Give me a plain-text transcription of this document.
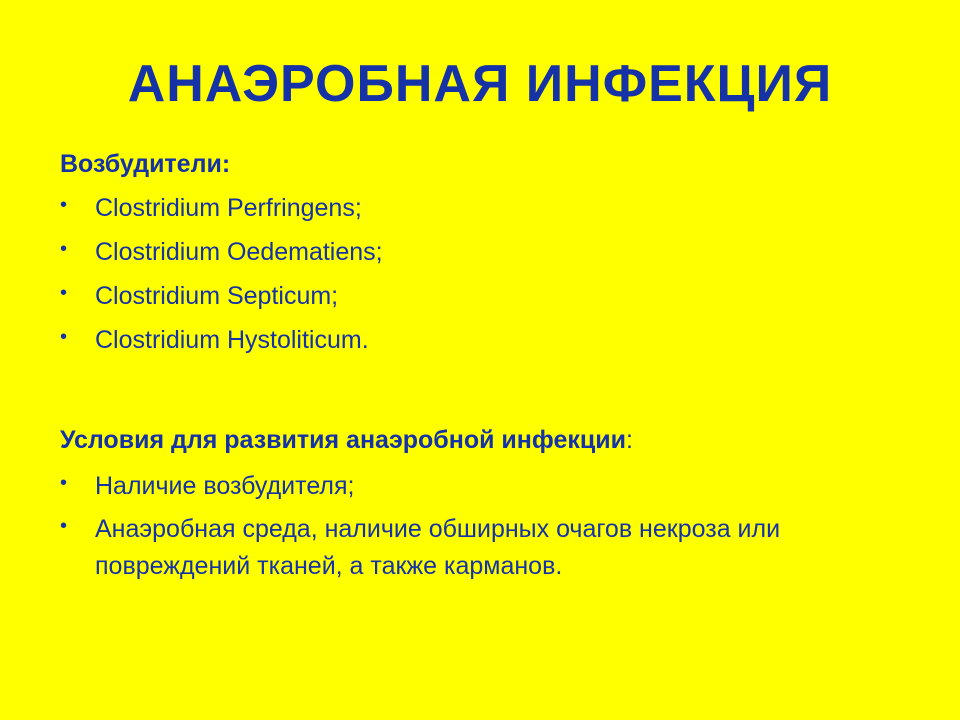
АНАЭРОБНАЯ ИНФЕКЦИЯ
Возбудители:
• Clostridium Perfringens;
• Clostridium Oedematiens;
• Clostridium Septicum;
• Clostridium Hystoliticum.
Условия для развития анаэробной инфекции:
• Наличие возбудителя;
• Анаэробная среда, наличие обширных очагов некроза или повреждений тканей, а также карманов.
